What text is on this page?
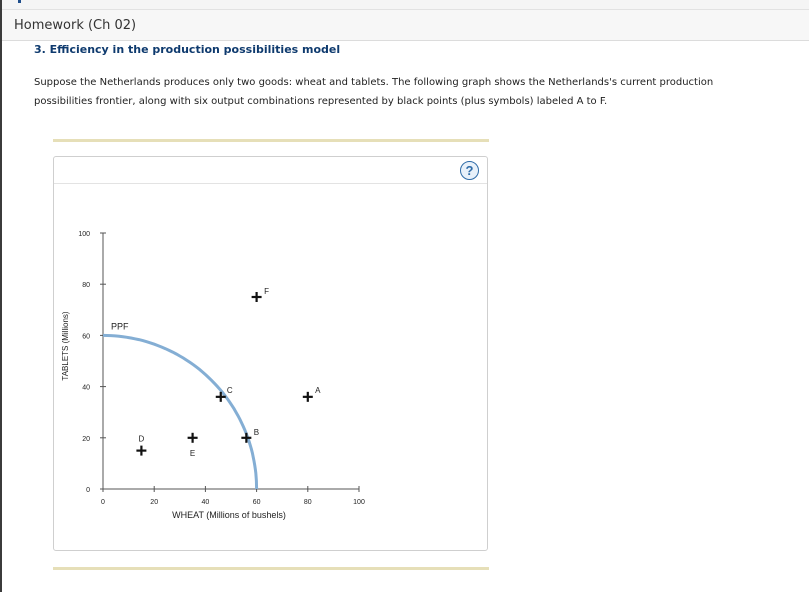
Homework (Ch 02)
3. Efficiency in the production possibilities model
Suppose the Netherlands produces only two goods: wheat and tablets. The following graph shows the Netherlands's current production possibilities frontier, along with six output combinations represented by black points (plus symbols) labeled A to F.
?
0	20	40	60	80	100
0
20
40
60
80
100
PPF
A
B
C
D
E
F
WHEAT (Millions of bushels)
TABLETS (Millions)
